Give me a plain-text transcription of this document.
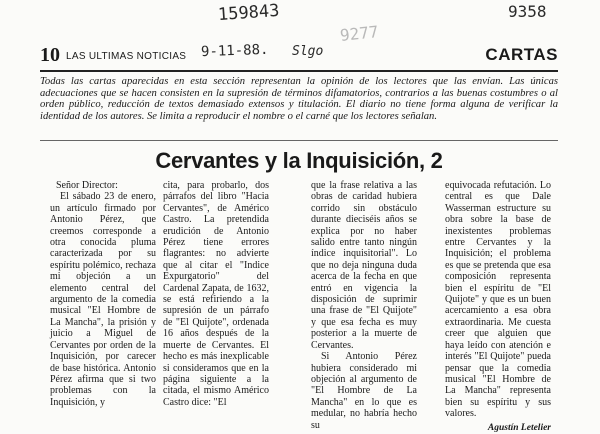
159843	9358
9277
9-11-88. Slgo
10 LAS ULTIMAS NOTICIAS	CARTAS

Todas las cartas aparecidas en esta sección representan la opinión de los lectores que las envían. Las únicas adecuaciones que se hacen consisten en la supresión de términos difamatorios, contrarios a las buenas costumbres o al orden público, reducción de textos demasiado extensos y titulación. El diario no tiene forma alguna de verificar la identidad de los autores. Se limita a reproducir el nombre o el carné que los lectores señalan.

Cervantes y la Inquisición, 2

Señor Director:

El sábado 23 de enero, un artículo firmado por Antonio Pérez, que creemos corresponde a otra conocida pluma caracterizada por su espíritu polémico, rechaza mi objeción a un elemento central del argumento de la comedia musical "El Hombre de La Mancha", la prisión y juicio a Miguel de Cervantes por orden de la Inquisición, por carecer de base histórica. Antonio Pérez afirma que si two problemas con la Inquisición, y

cita, para probarlo, dos párrafos del libro "Hacia Cervantes", de Américo Castro. La pretendida erudición de Antonio Pérez tiene errores flagrantes: no advierte que al citar el "Indice Expurgatorio" del Cardenal Zapata, de 1632, se está refiriendo a la supresión de un párrafo de "El Quijote", ordenada 16 años después de la muerte de Cervantes. El hecho es más inexplicable si consideramos que en la página siguiente a la citada, el mismo Américo Castro dice: "El

que la frase relativa a las obras de caridad hubiera corrido sin obstáculo durante dieciséis años se explica por no haber salido entre tanto ningún índice inquisitorial". Lo que no deja ninguna duda acerca de la fecha en que entró en vigencia la disposición de suprimir una frase de "El Quijote" y que esa fecha es muy posterior a la muerte de Cervantes.

Si Antonio Pérez hubiera considerado mi objeción al argumento de "El Hombre de La Mancha" en lo que es medular, no habría hecho su

equivocada refutación. Lo central es que Dale Wasserman estructure su obra sobre la base de inexistentes problemas entre Cervantes y la Inquisición; el problema es que se pretenda que esa composición representa bien el espíritu de "El Quijote" y que es un buen acercamiento a esa obra extraordinaria. Me cuesta creer que alguien que haya leído con atención e interés "El Quijote" pueda pensar que la comedia musical "El Hombre de La Mancha" representa bien su espíritu y sus valores.

Agustín Letelier
